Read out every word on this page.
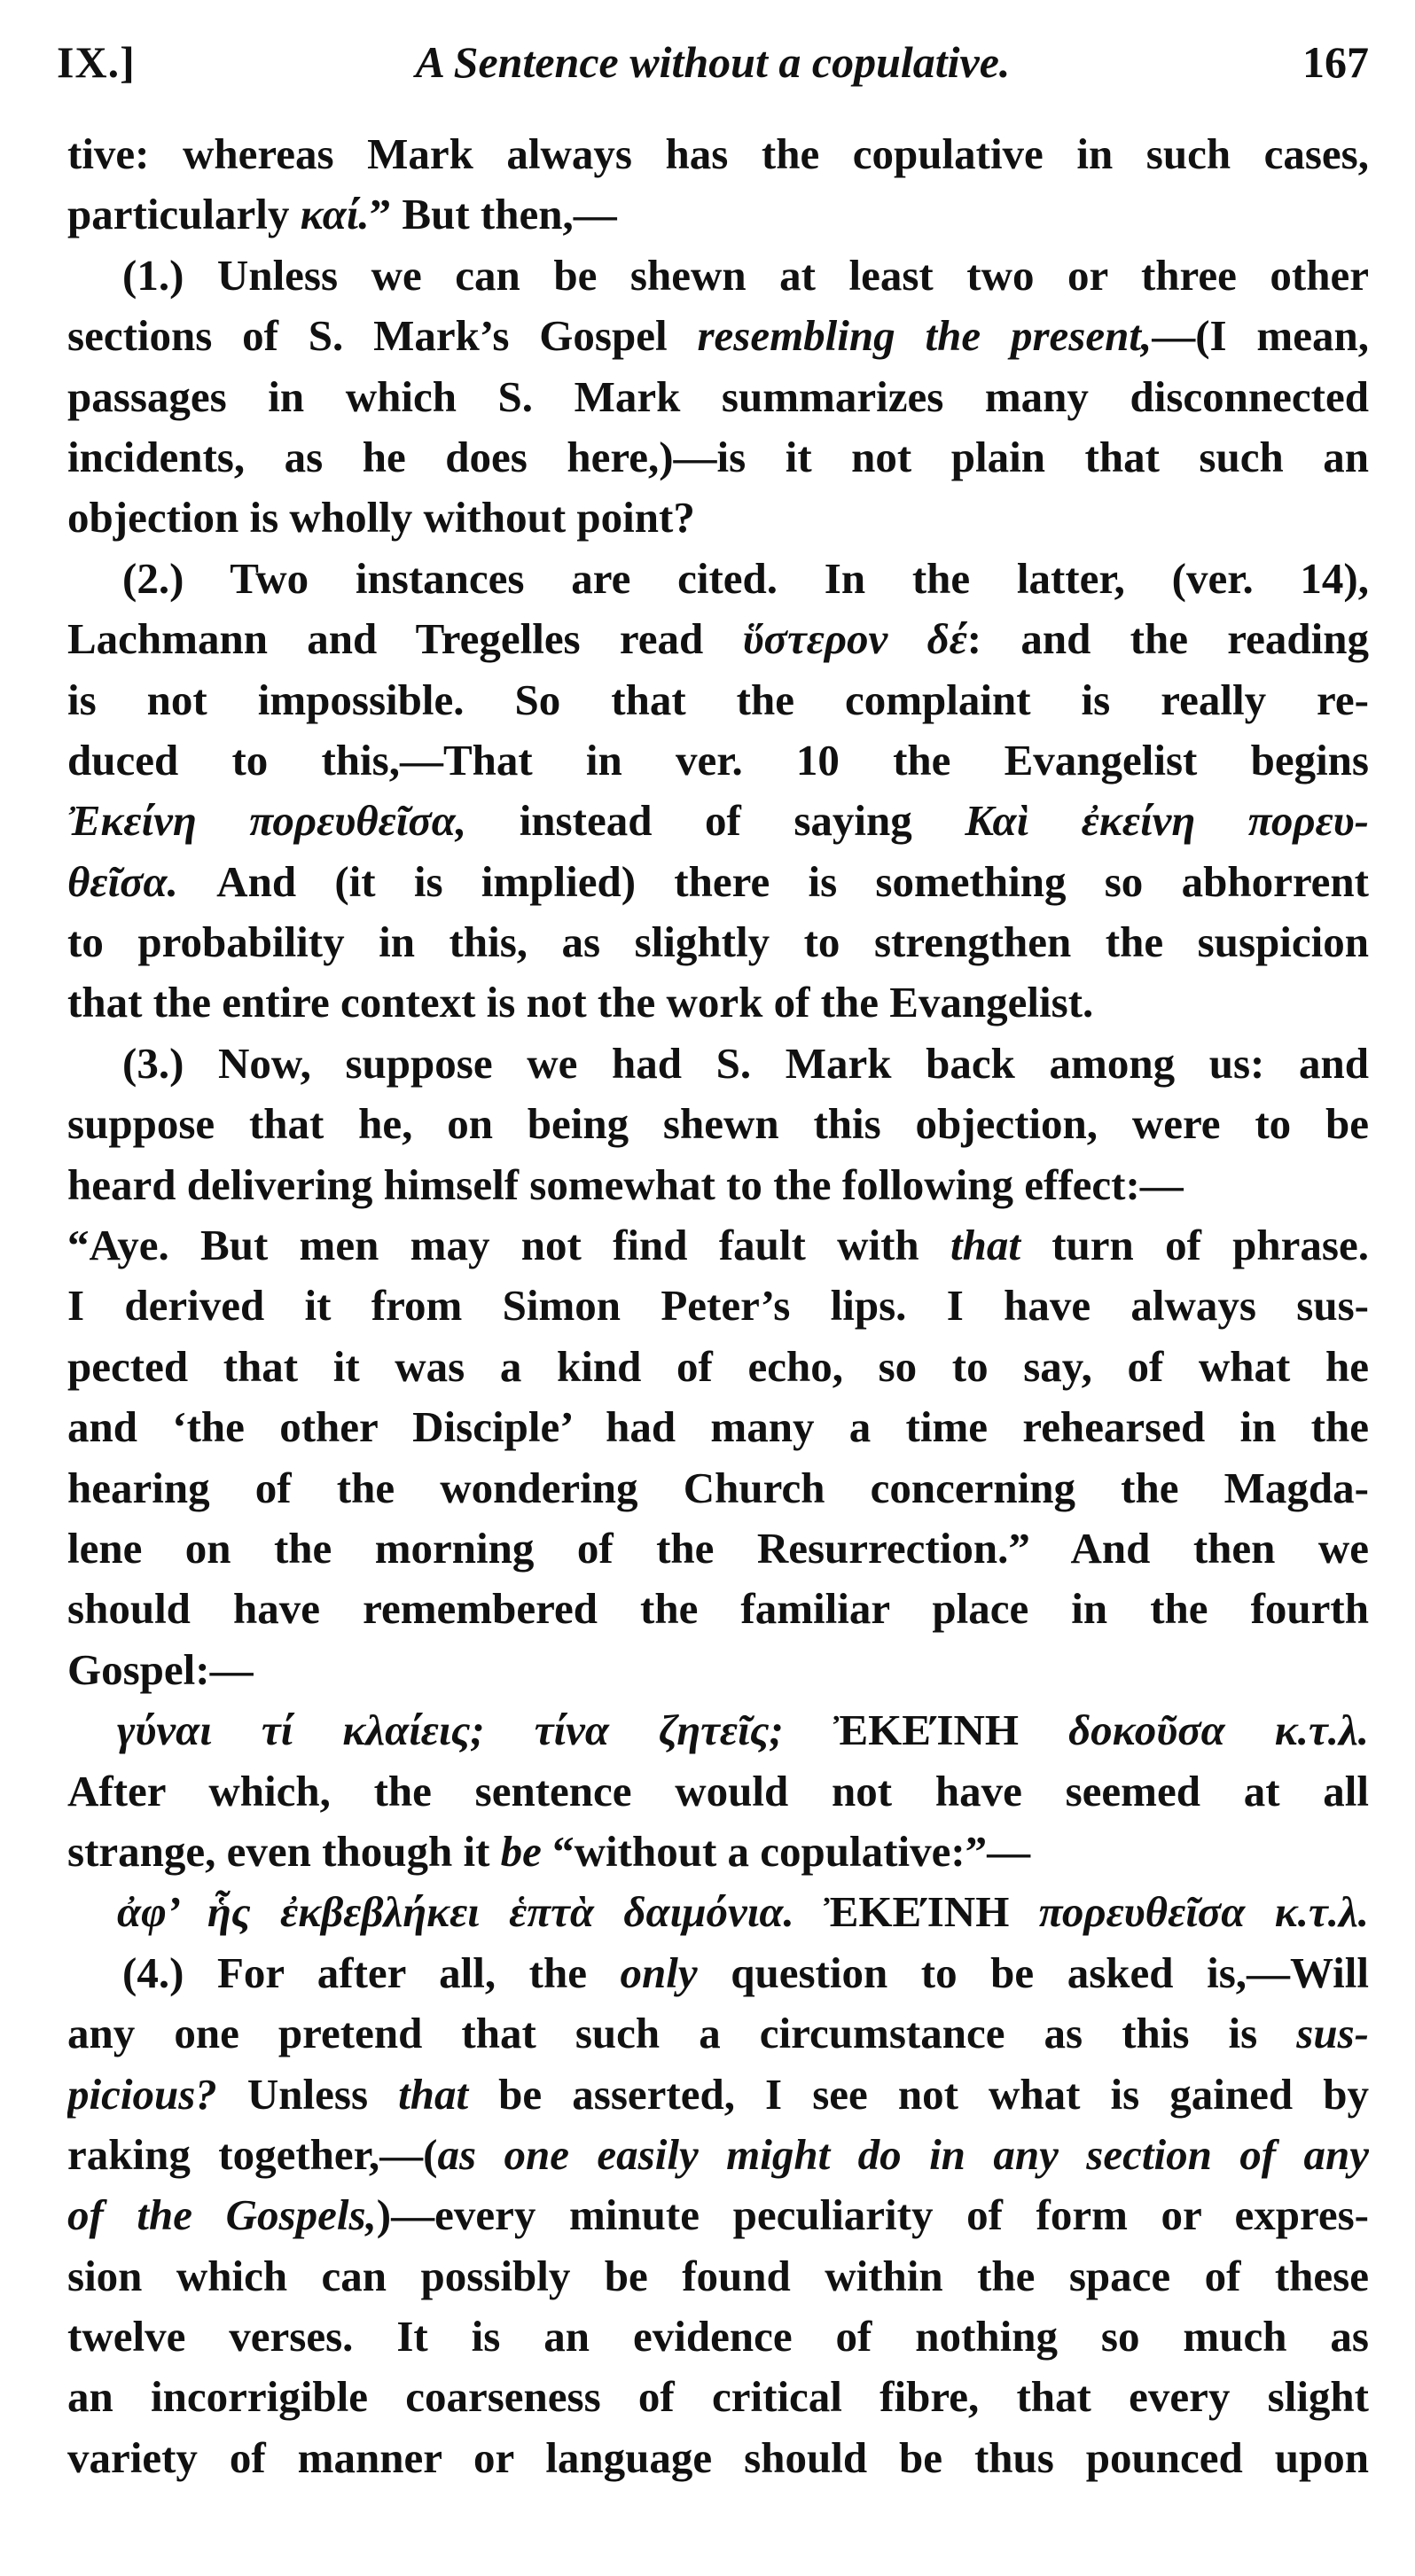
IX.]	A Sentence without a copulative.	167
tive: whereas Mark always has the copulative in such cases,
particularly καί.” But then,—
(1.) Unless we can be shewn at least two or three other
sections of S. Mark’s Gospel resembling the present,—(I mean,
passages in which S. Mark summarizes many disconnected
incidents, as he does here,)—is it not plain that such an
objection is wholly without point?
(2.) Two instances are cited. In the latter, (ver. 14),
Lachmann and Tregelles read ὕστερον δέ: and the reading
is not impossible. So that the complaint is really re-
duced to this,—That in ver. 10 the Evangelist begins
Ἐκείνη πορευθεῖσα, instead of saying Καὶ ἐκείνη πορευ-
θεῖσα. And (it is implied) there is something so abhorrent
to probability in this, as slightly to strengthen the suspicion
that the entire context is not the work of the Evangelist.
(3.) Now, suppose we had S. Mark back among us: and
suppose that he, on being shewn this objection, were to be
heard delivering himself somewhat to the following effect:—
“Aye. But men may not find fault with that turn of phrase.
I derived it from Simon Peter’s lips. I have always sus-
pected that it was a kind of echo, so to say, of what he
and ‘the other Disciple’ had many a time rehearsed in the
hearing of the wondering Church concerning the Magda-
lene on the morning of the Resurrection.” And then we
should have remembered the familiar place in the fourth
Gospel:—
γύναι τί κλαίεις; τίνα ζητεῖς; ἘΚΕΊΝΗ δοκοῦσα κ.τ.λ.
After which, the sentence would not have seemed at all
strange, even though it be “without a copulative:”—
ἀφ’ ἧς ἐκβεβλήκει ἑπτὰ δαιμόνια. ἘΚΕΊΝΗ πορευθεῖσα κ.τ.λ.
(4.) For after all, the only question to be asked is,—Will
any one pretend that such a circumstance as this is sus-
picious? Unless that be asserted, I see not what is gained by
raking together,—(as one easily might do in any section of any
of the Gospels,)—every minute peculiarity of form or expres-
sion which can possibly be found within the space of these
twelve verses. It is an evidence of nothing so much as
an incorrigible coarseness of critical fibre, that every slight
variety of manner or language should be thus pounced upon
